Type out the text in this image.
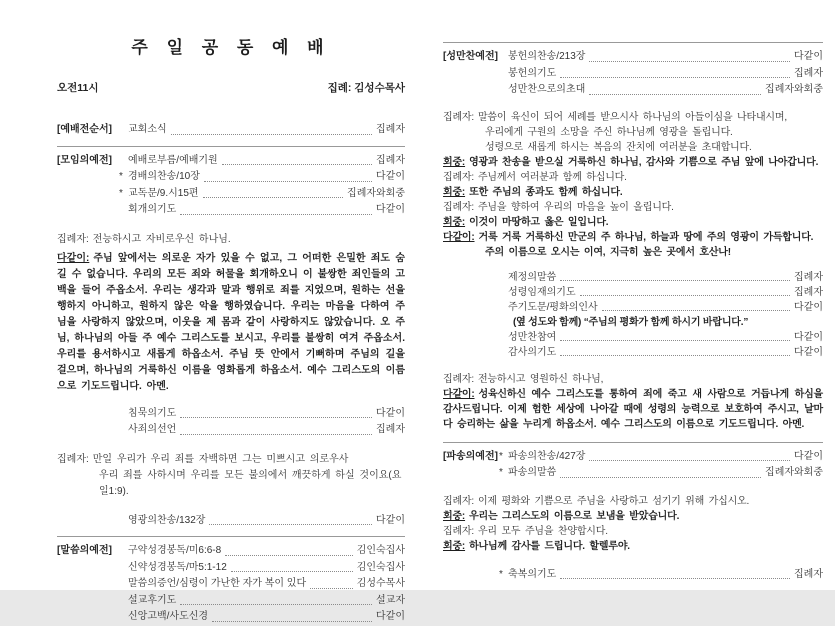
주 일 공 동 예 배
오전11시	집례: 김성수목사
[예배전순서]	교회소식	집례자
[모임의예전]	예배로부름/예배기원	집례자
* 경배의찬송/10장	다같이
* 교독문/9.시15편	집례자와회중
회개의기도	다같이
집례자: 전능하시고 자비로우신 하나님.
다같이: 주님 앞에서는 의로운 자가 있을 수 없고, 그 어떠한 은밀한 죄도 숨길 수 없습니다. 우리의 모든 죄와 허물을 회개하오니 이 불쌍한 죄인들의 고백을 들어 주옵소서. 우리는 생각과 말과 행위로 죄를 지었으며, 원하는 선을 행하지 아니하고, 원하지 않은 악을 행하였습니다. 우리는 마음을 다하여 주님을 사랑하지 않았으며, 이웃을 제 몸과 같이 사랑하지도 않았습니다. 오 주님, 하나님의 아들 주 예수 그리스도를 보시고, 우리를 불쌍히 여겨 주옵소서. 우리를 용서하시고 새롭게 하옵소서. 주님 뜻 안에서 기뻐하며 주님의 길을 걸으며, 하나님의 거룩하신 이름을 영화롭게 하옵소서. 예수 그리스도의 이름으로 기도드립니다. 아멘.
침묵의기도	다같이
사죄의선언	집례자
집례자: 만일 우리가 우리 죄를 자백하면 그는 미쁘시고 의로우사
우리 죄를 사하시며 우리를 모든 불의에서 깨끗하게 하실 것이요(요일1:9).
영광의찬송/132장	다같이
[말씀의예전]	구약성경봉독/미6:6-8	김인숙집사
신약성경봉독/마5:1-12	김인숙집사
말씀의증언/심령이 가난한 자가 복이 있다	김성수목사
설교후기도	설교자
신앙고백/사도신경	다같이
[성만찬예전] 봉헌의찬송/213장	다같이
봉헌의기도	집례자
성만찬으로의초대	집례자와회중
집례자: 말씀이 육신이 되어 세례를 받으시사 하나님의 아들이심을 나타내시며,
우리에게 구원의 소망을 주신 하나님께 영광을 돌립니다.
성령으로 새롭게 하시는 복음의 잔치에 여러분을 초대합니다.
회중: 영광과 찬송을 받으실 거룩하신 하나님, 감사와 기쁨으로 주님 앞에 나아갑니다.
집례자: 주님께서 여러분과 함께 하십니다.
회중: 또한 주님의 종과도 함께 하십니다.
집례자: 주님을 향하여 우리의 마음을 높이 올립니다.
회중: 이것이 마땅하고 옳은 일입니다.
다같이: 거룩 거룩 거룩하신 만군의 주 하나님, 하늘과 땅에 주의 영광이 가득합니다.
주의 이름으로 오시는 이여, 지극히 높은 곳에서 호산나!
제정의말씀	집례자
성령임재의기도	집례자
주기도문/평화의인사	다같이
(옆 성도와 함께) “주님의 평화가 함께 하시기 바랍니다.”
성만찬참여	다같이
감사의기도	다같이
집례자: 전능하시고 영원하신 하나님,
다같이: 성육신하신 예수 그리스도를 통하여 죄에 죽고 새 사람으로 거듭나게 하심을 감사드립니다. 이제 험한 세상에 나아갈 때에 성령의 능력으로 보호하여 주시고, 날마다 승리하는 삶을 누리게 하옵소서. 예수 그리스도의 이름으로 기도드립니다. 아멘.
[파송의예전] * 파송의찬송/427장	다같이
* 파송의말씀	집례자와회중
집례자: 이제 평화와 기쁨으로 주님을 사랑하고 섬기기 위해 가십시오.
회중: 우리는 그리스도의 이름으로 보냄을 받았습니다.
집례자: 우리 모두 주님을 찬양합시다.
회중: 하나님께 감사를 드립니다. 할렐루야.
* 축복의기도	집례자
